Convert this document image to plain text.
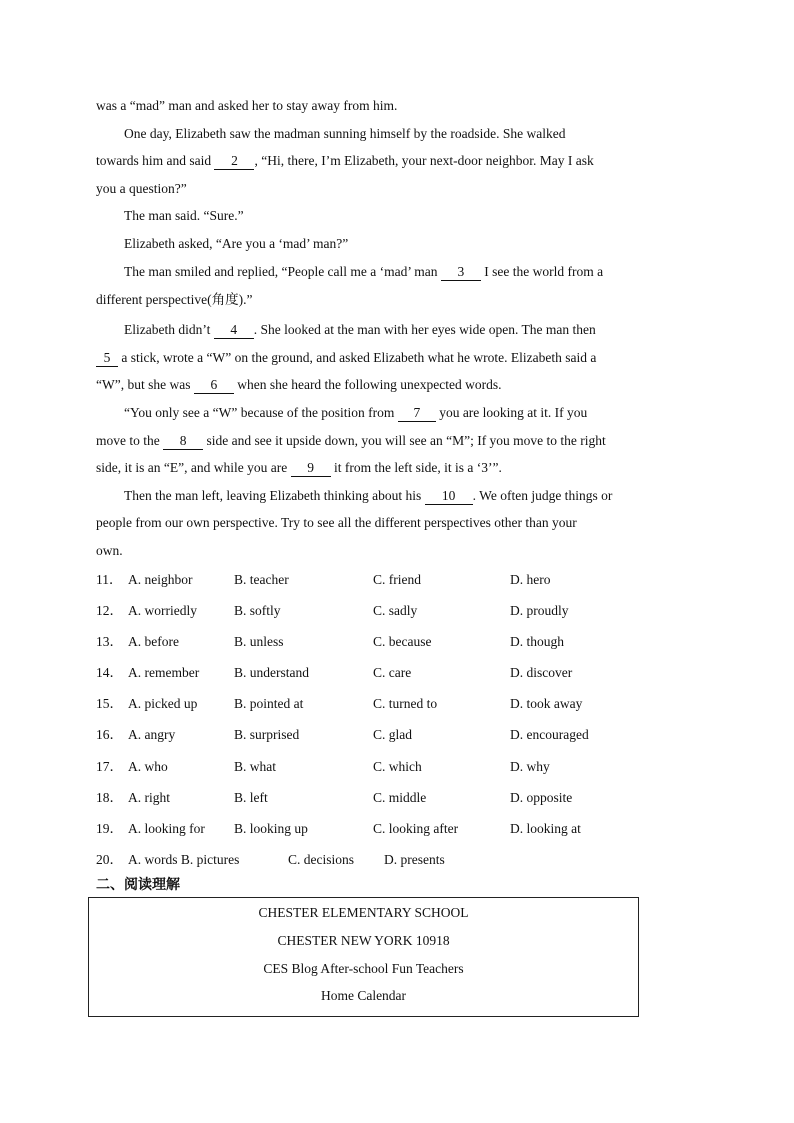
was a “mad” man and asked her to stay away from him.
One day, Elizabeth saw the madman sunning himself by the roadside. She walked
towards him and said 2 , “Hi, there, I’m Elizabeth, your next-door neighbor. May I ask
you a question?”
The man said. “Sure.”
Elizabeth asked, “Are you a ‘mad’ man?”
The man smiled and replied, “People call me a ‘mad’ man 3 I see the world from a
different perspective(角度).”
Elizabeth didn’t 4 . She looked at the man with her eyes wide open. The man then
5 a stick, wrote a “W” on the ground, and asked Elizabeth what he wrote. Elizabeth said a
“W”, but she was 6 when she heard the following unexpected words.
“You only see a “W” because of the position from 7 you are looking at it. If you
move to the 8 side and see it upside down, you will see an “M”; If you move to the right
side, it is an “E”, and while you are 9 it from the left side, it is a ‘3’”.
Then the man left, leaving Elizabeth thinking about his 10 . We often judge things or
people from our own perspective. Try to see all the different perspectives other than your
own.
11． A. neighbor	B. teacher	C. friend	D. hero
12． A. worriedly	B. softly	C. sadly	D. proudly
13． A. before	B. unless	C. because	D. though
14． A. remember	B. understand	C. care	D. discover
15． A. picked up	B. pointed at	C. turned to	D. took away
16． A. angry	B. surprised	C. glad	D. encouraged
17． A. who	B. what	C. which	D. why
18． A. right	B. left	C. middle	D. opposite
19． A. looking for B. looking up	C. looking after	D. looking at
20． A. words B. pictures	C. decisions D. presents
二、阅读理解
CHESTER ELEMENTARY SCHOOL
CHESTER NEW YORK 10918
CES Blog After-school Fun Teachers
Home Calendar
